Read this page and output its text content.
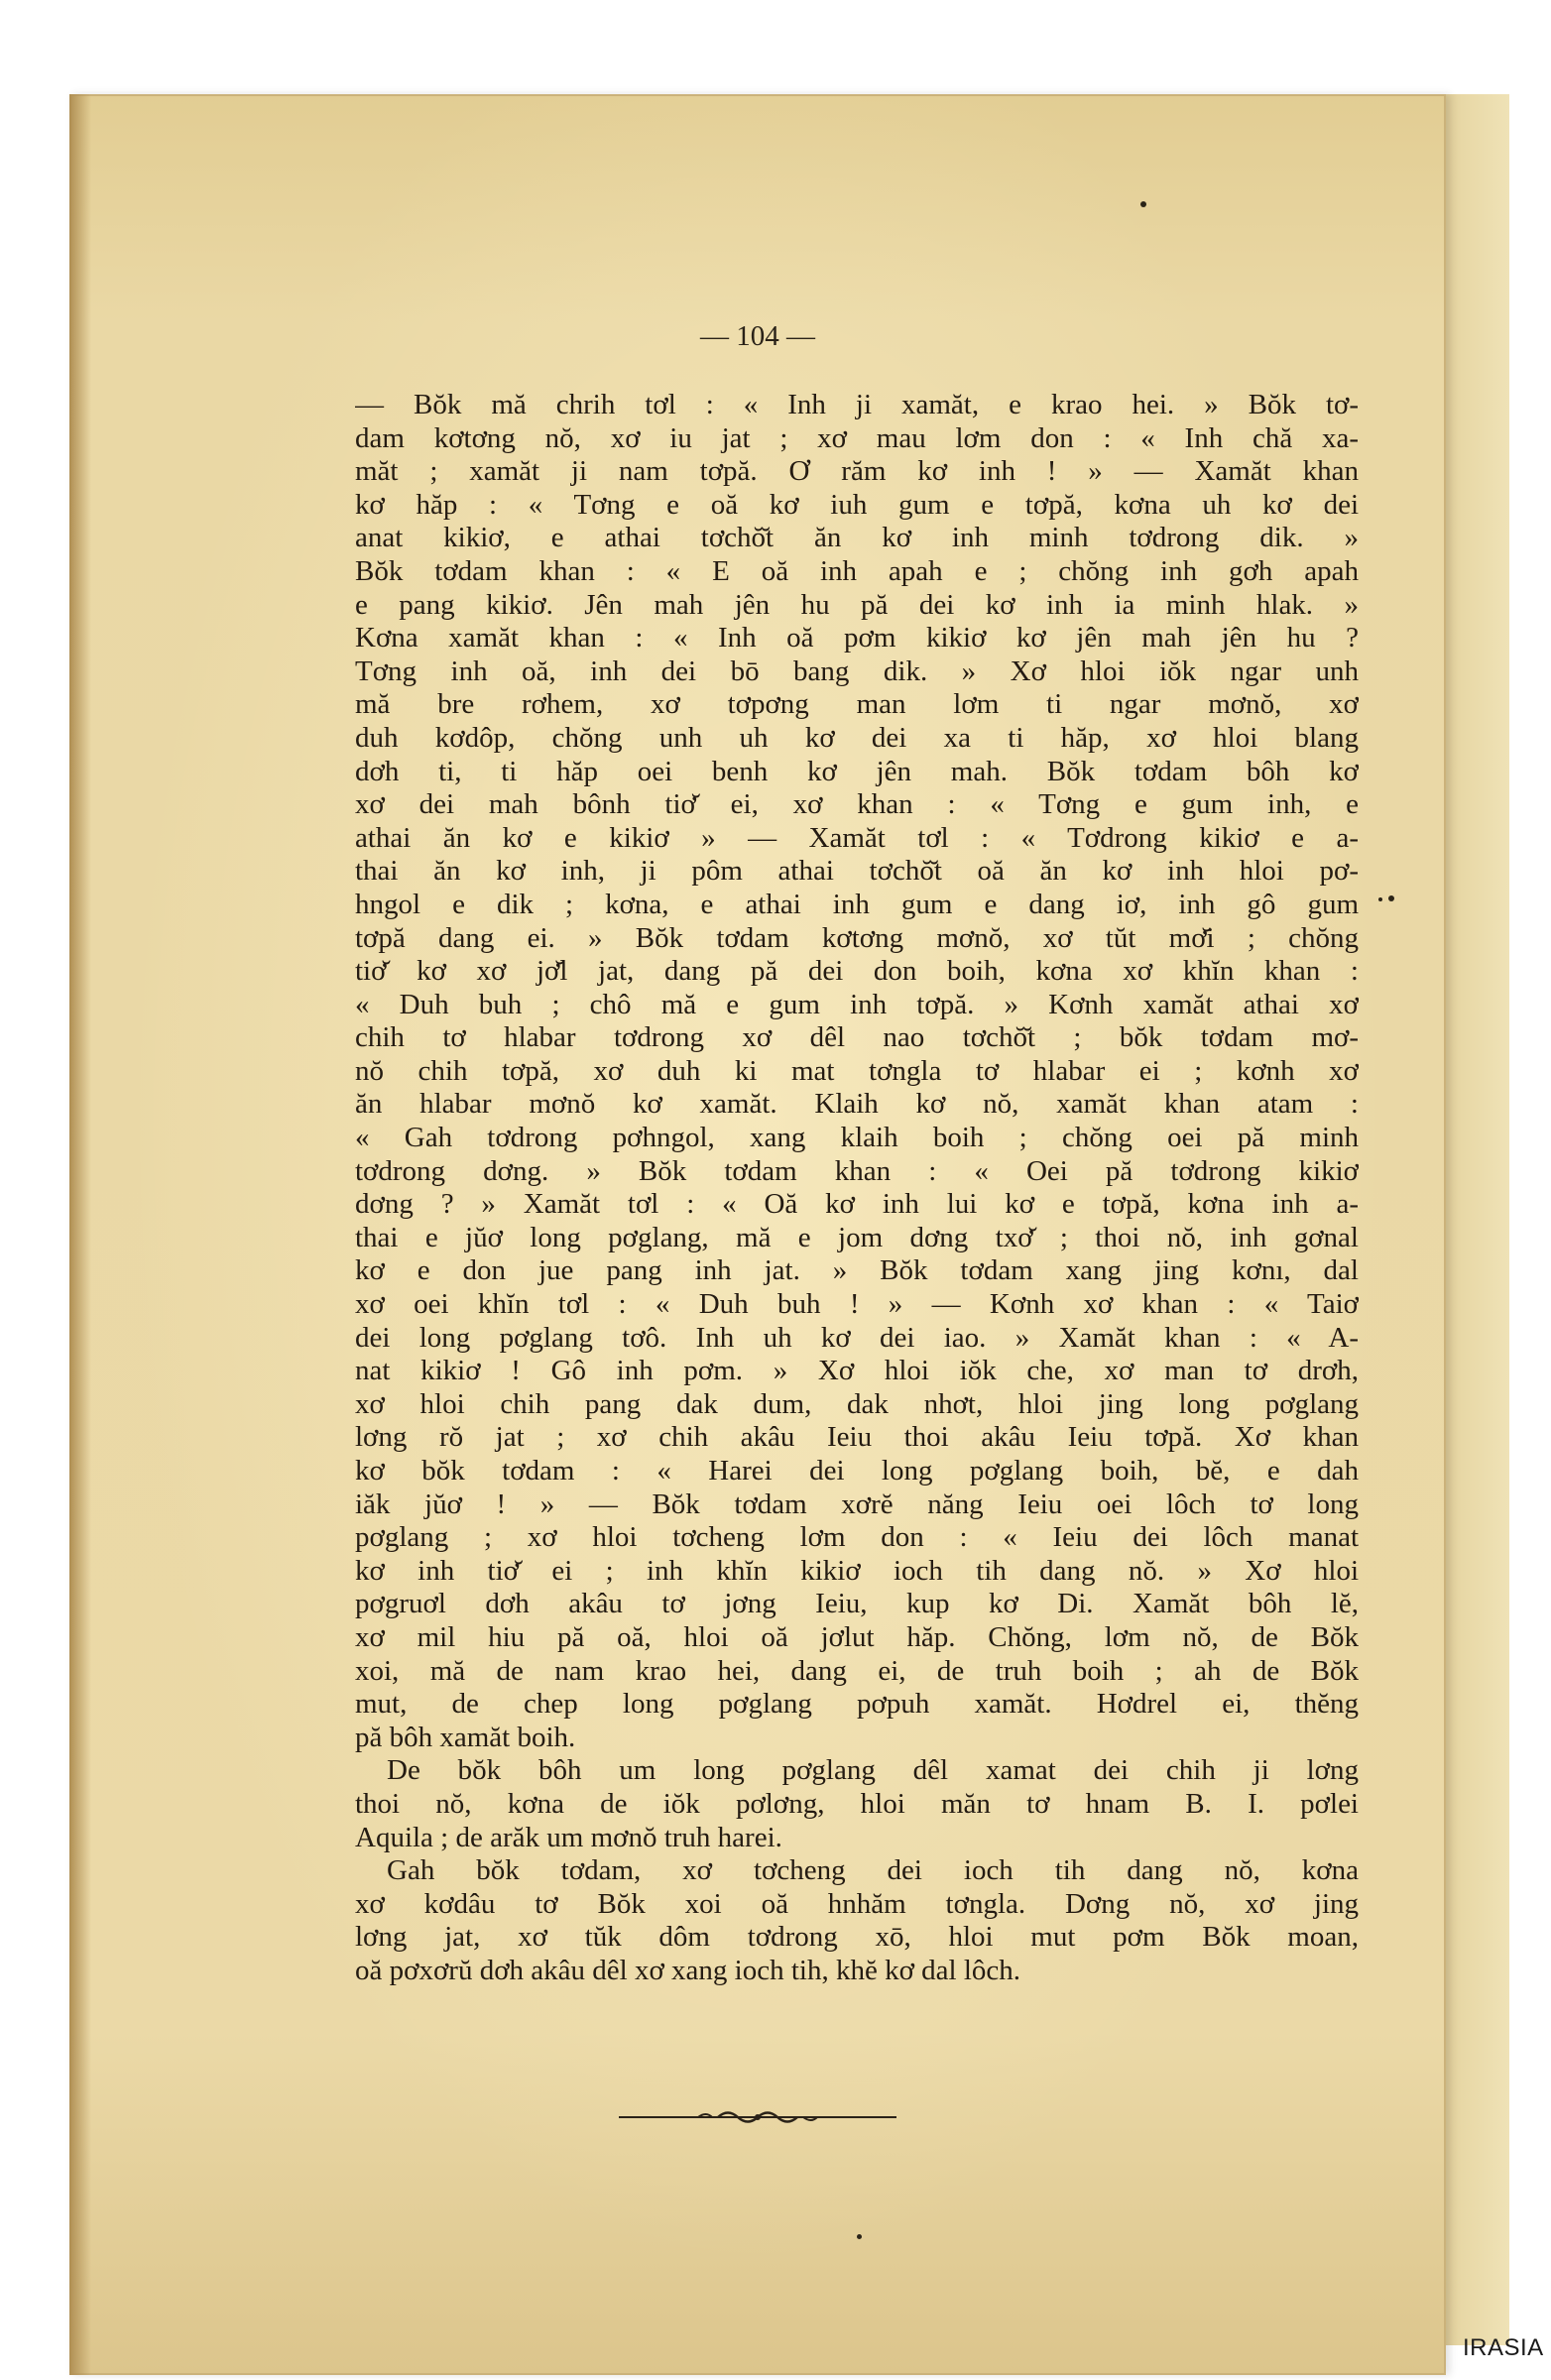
— 104 —
— Bŏk mă chrih tơl : « Inh ji xamăt, e krao hei. » Bŏk tơ-
dam kơtơng nŏ, xơ iu jat ; xơ mau lơm don : « Inh chă xa-
măt ; xamăt ji nam tơpă. Ơ răm kơ inh ! » — Xamăt khan
kơ hăp : « Tơng e oă kơ iuh gum e tơpă, kơna uh kơ dei
anat kikiơ, e athai tơchŏ̆t ăn kơ inh minh tơdrong dik. »
Bŏk tơdam khan : « E oă inh apah e ; chŏng inh gơh apah
e pang kikiơ. Jên mah jên hu pă dei kơ inh ia minh hlak. »
Kơna xamăt khan : « Inh oă pơm kikiơ kơ jên mah jên hu ?
Tơng inh oă, inh dei bō bang dik. » Xơ hloi iŏk ngar unh
mă bre rơhem, xơ tơpơng man lơm ti ngar mơnŏ, xơ
duh kơdôp, chŏng unh uh kơ dei xa ti hăp, xơ hloi blang
dơh ti, ti hăp oei benh kơ jên mah. Bŏk tơdam bôh kơ
xơ dei mah bônh tiơ̆ ei, xơ khan : « Tơng e gum inh, e
athai ăn kơ e kikiơ » — Xamăt tơl : « Tơdrong kikiơ e a-
thai ăn kơ inh, ji pôm athai tơchŏ̆t oă ăn kơ inh hloi pơ-
hngol e dik ; kơna, e athai inh gum e dang iơ, inh gô gum
tơpă dang ei. » Bŏk tơdam kơtơng mơnŏ, xơ tŭt mơ̆i ; chŏng
tiơ̆ kơ xơ jơ̆l jat, dang pă dei don boih, kơna xơ khĭn khan :
« Duh buh ; chô mă e gum inh tơpă. » Kơnh xamăt athai xơ
chih tơ hlabar tơdrong xơ dêl nao tơchŏ̆t ; bŏk tơdam mơ-
nŏ chih tơpă, xơ duh ki mat tơngla tơ hlabar ei ; kơnh xơ
ăn hlabar mơnŏ kơ xamăt. Klaih kơ nŏ, xamăt khan atam :
« Gah tơdrong pơhngol, xang klaih boih ; chŏng oei pă minh
tơdrong dơng. » Bŏk tơdam khan : « Oei pă tơdrong kikiơ
dơng ? » Xamăt tơl : « Oă kơ inh lui kơ e tơpă, kơna inh a-
thai e jŭơ long pơglang, mă e jom dơng txơ̆ ; thoi nŏ, inh gơnal
kơ e don jue pang inh jat. » Bŏk tơdam xang jing kơnı, dal
xơ oei khĭn tơl : « Duh buh ! » — Kơnh xơ khan : « Taiơ
dei long pơglang tơô. Inh uh kơ dei iao. » Xamăt khan : « A-
nat kikiơ ! Gô inh pơm. » Xơ hloi iŏk che, xơ man tơ drơh,
xơ hloi chih pang dak dum, dak nhơt, hloi jing long pơglang
lơng rŏ jat ; xơ chih akâu Ieiu thoi akâu Ieiu tơpă. Xơ khan
kơ bŏk tơdam : « Harei dei long pơglang boih, bĕ, e dah
iăk jŭơ ! » — Bŏk tơdam xơrĕ năng Ieiu oei lôch tơ long
pơglang ; xơ hloi tơcheng lơm don : « Ieiu dei lôch manat
kơ inh tiơ̆ ei ; inh khĭn kikiơ ioch tih dang nŏ. » Xơ hloi
pơgruơl dơh akâu tơ jơng Ieiu, kup kơ Di. Xamăt bôh lĕ,
xơ mil hiu pă oă, hloi oă jơlut hăp. Chŏng, lơm nŏ, de Bŏk
xoi, mă de nam krao hei, dang ei, de truh boih ; ah de Bŏk
mut, de chep long pơglang pơpuh xamăt. Hơdrel ei, thĕng
pă bôh xamăt boih.
De bŏk bôh um long pơglang dêl xamat dei chih ji lơng
thoi nŏ, kơna de iŏk pơlơng, hloi măn tơ hnam B. I. pơlei
Aquila ; de arăk um mơnŏ truh harei.
Gah bŏk tơdam, xơ tơcheng dei ioch tih dang nŏ, kơna
xơ kơdâu tơ Bŏk xoi oă hnhăm tơngla. Dơng nŏ, xơ jing
lơng jat, xơ tŭk dôm tơdrong xō, hloi mut pơm Bŏk moan,
oă pơxơrŭ dơh akâu dêl xơ xang ioch tih, khĕ kơ dal lôch.
IRASIA
